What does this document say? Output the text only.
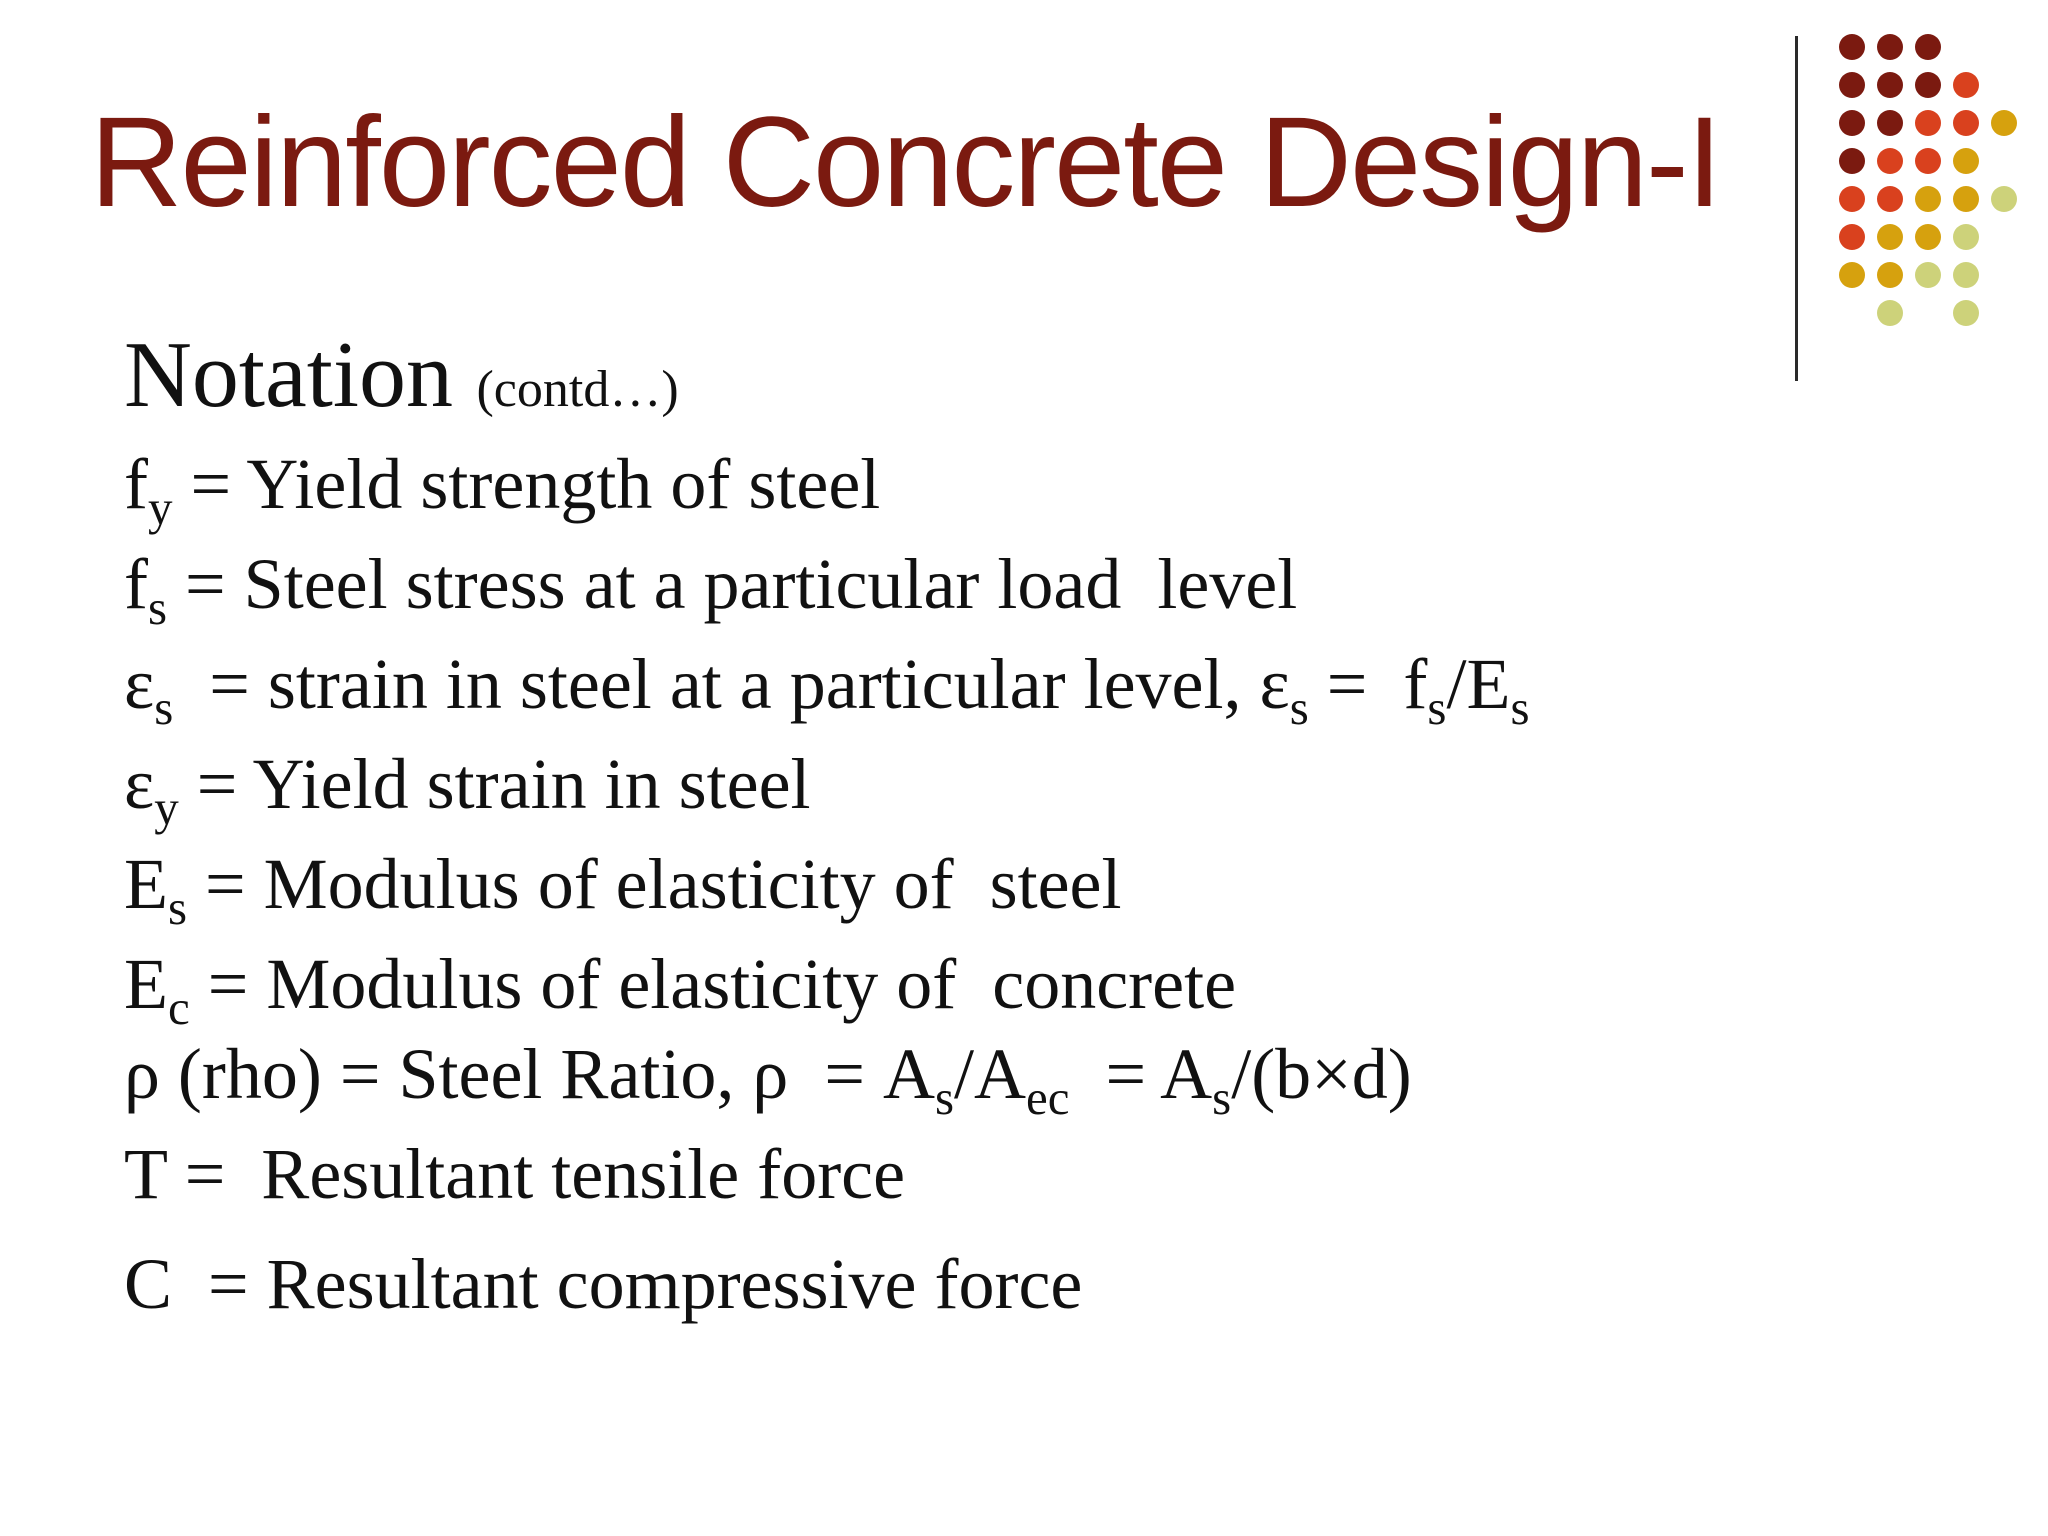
Reinforced Concrete Design-I
Notation (contd…)
$f_y$ = Yield strength of steel
$f_s$ = Steel stress at a particular load  level
$\varepsilon_s$  = strain in steel at a particular level, $\varepsilon_s = f_s/E_s$
$\varepsilon_y$ = Yield strain in steel
$E_s$ = Modulus of elasticity of  steel
$E_c$ = Modulus of elasticity of  concrete
ρ (rho) = Steel Ratio, $\rho = A_s/A_{ec} = A_s/(b\times d)$
T =  Resultant tensile force
C  = Resultant compressive force
